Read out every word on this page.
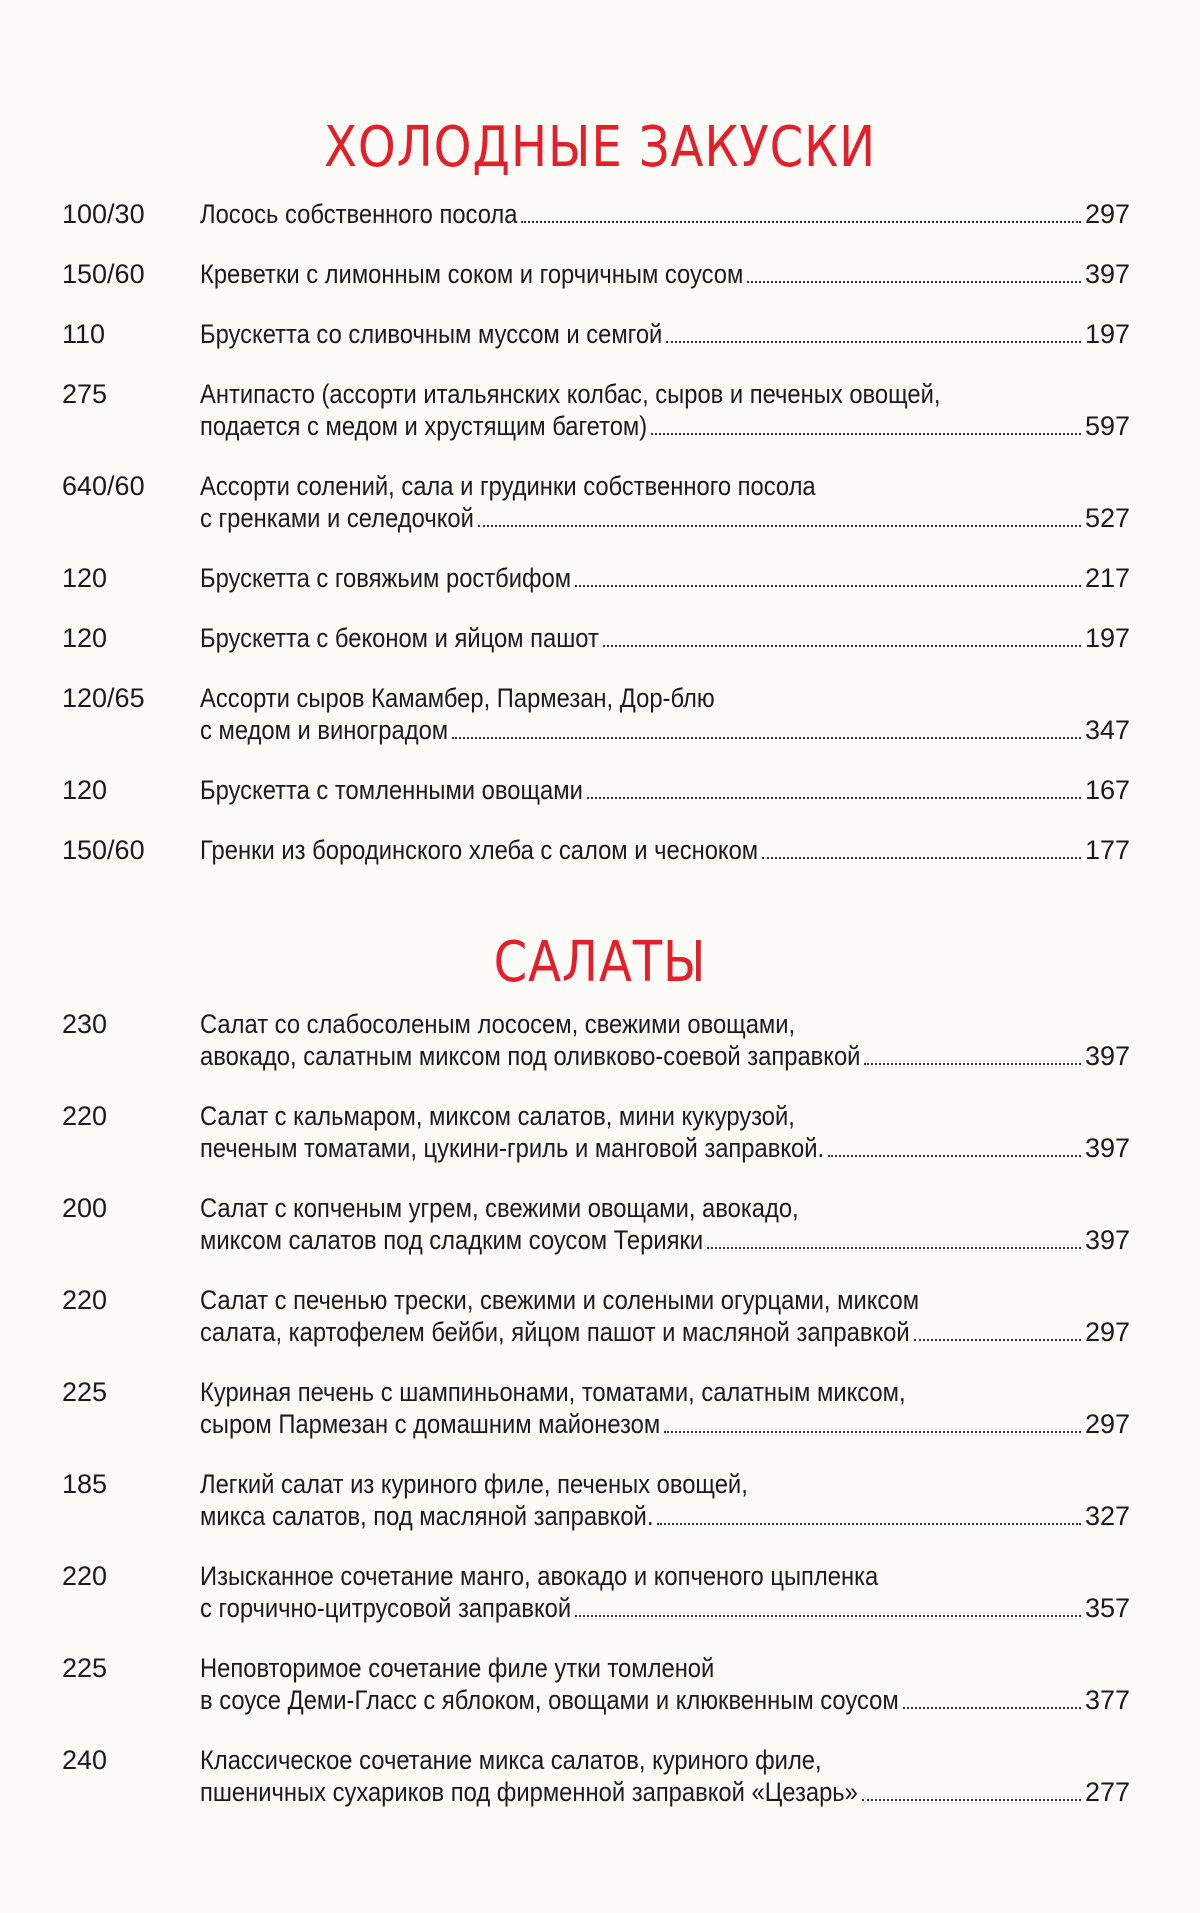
ХОЛОДНЫЕ ЗАКУСКИ
100/30 Лосось собственного посола	297
150/60 Креветки с лимонным соком и горчичным соусом	397
110	Брускетта со сливочным муссом и семгой	197
275	Антипасто (ассорти итальянских колбас, сыров и печеных овощей,
подается с медом и хрустящим багетом)	597
640/60 Ассорти солений, сала и грудинки собственного посола
с гренками и селедочкой	527
120	Брускетта с говяжьим ростбифом	217
120	Брускетта с беконом и яйцом пашот	197
120/65 Ассорти сыров Камамбер, Пармезан, Дор-блю
с медом и виноградом	347
120	Брускетта с томленными овощами	167
150/60 Гренки из бородинского хлеба с салом и чесноком	177
САЛАТЫ
230	Салат со слабосоленым лососем, свежими овощами,
авокадо, салатным миксом под оливково-соевой заправкой	397
220	Салат с кальмаром, миксом салатов, мини кукурузой,
печеным томатами, цукини-гриль и манговой заправкой.	397
200	Салат с копченым угрем, свежими овощами, авокадо,
миксом салатов под сладким соусом Терияки	397
220	Салат с печенью трески, свежими и солеными огурцами, миксом
салата, картофелем бейби, яйцом пашот и масляной заправкой	297
225	Куриная печень с шампиньонами, томатами, салатным миксом,
сыром Пармезан с домашним майонезом	297
185	Легкий салат из куриного филе, печеных овощей,
микса салатов, под масляной заправкой.	327
220	Изысканное сочетание манго, авокадо и копченого цыпленка
с горчично-цитрусовой заправкой	357
225	Неповторимое сочетание филе утки томленой
в соусе Деми-Гласс с яблоком, овощами и клюквенным соусом	377
240	Классическое сочетание микса салатов, куриного филе,
пшеничных сухариков под фирменной заправкой «Цезарь»	277
